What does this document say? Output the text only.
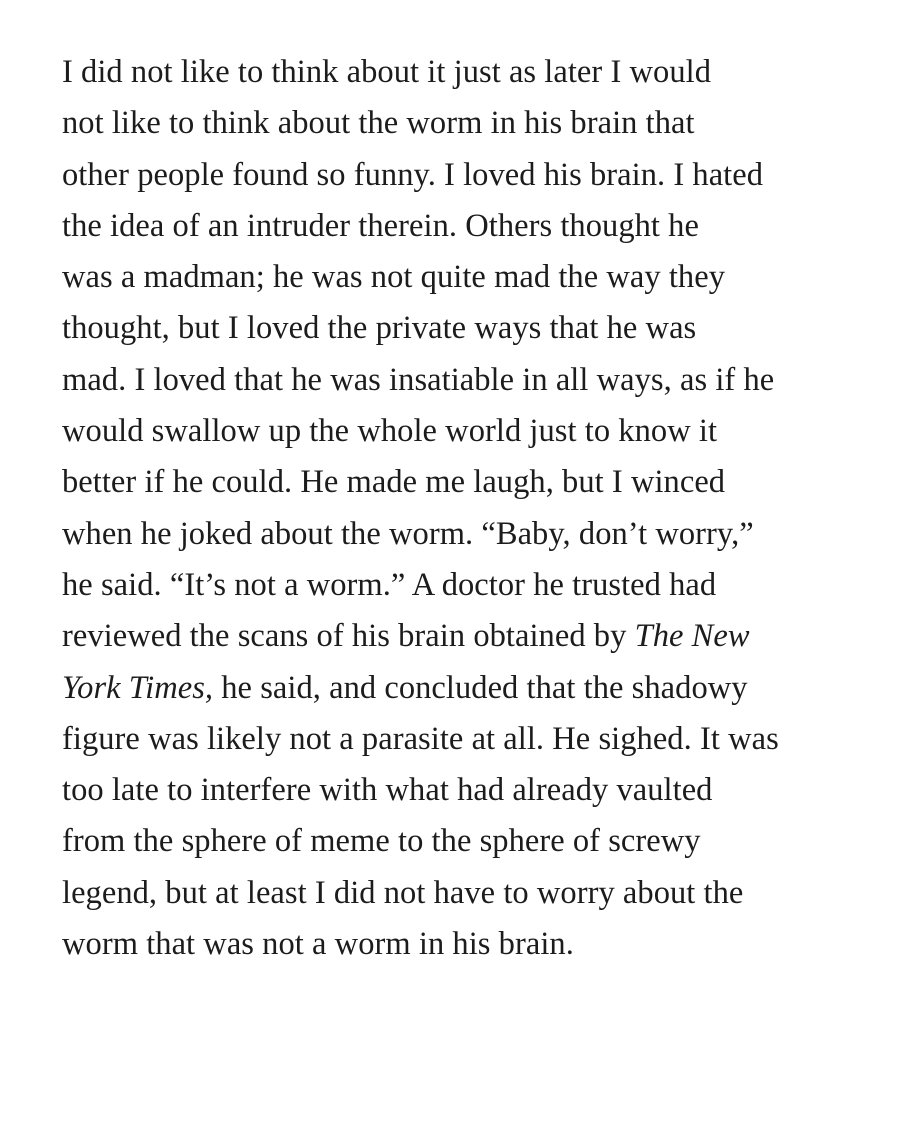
I did not like to think about it just as later I would
not like to think about the worm in his brain that
other people found so funny. I loved his brain. I hated
the idea of an intruder therein. Others thought he
was a madman; he was not quite mad the way they
thought, but I loved the private ways that he was
mad. I loved that he was insatiable in all ways, as if he
would swallow up the whole world just to know it
better if he could. He made me laugh, but I winced
when he joked about the worm. “Baby, don’t worry,”
he said. “It’s not a worm.” A doctor he trusted had
reviewed the scans of his brain obtained by The New
York Times, he said, and concluded that the shadowy
figure was likely not a parasite at all. He sighed. It was
too late to interfere with what had already vaulted
from the sphere of meme to the sphere of screwy
legend, but at least I did not have to worry about the
worm that was not a worm in his brain.
